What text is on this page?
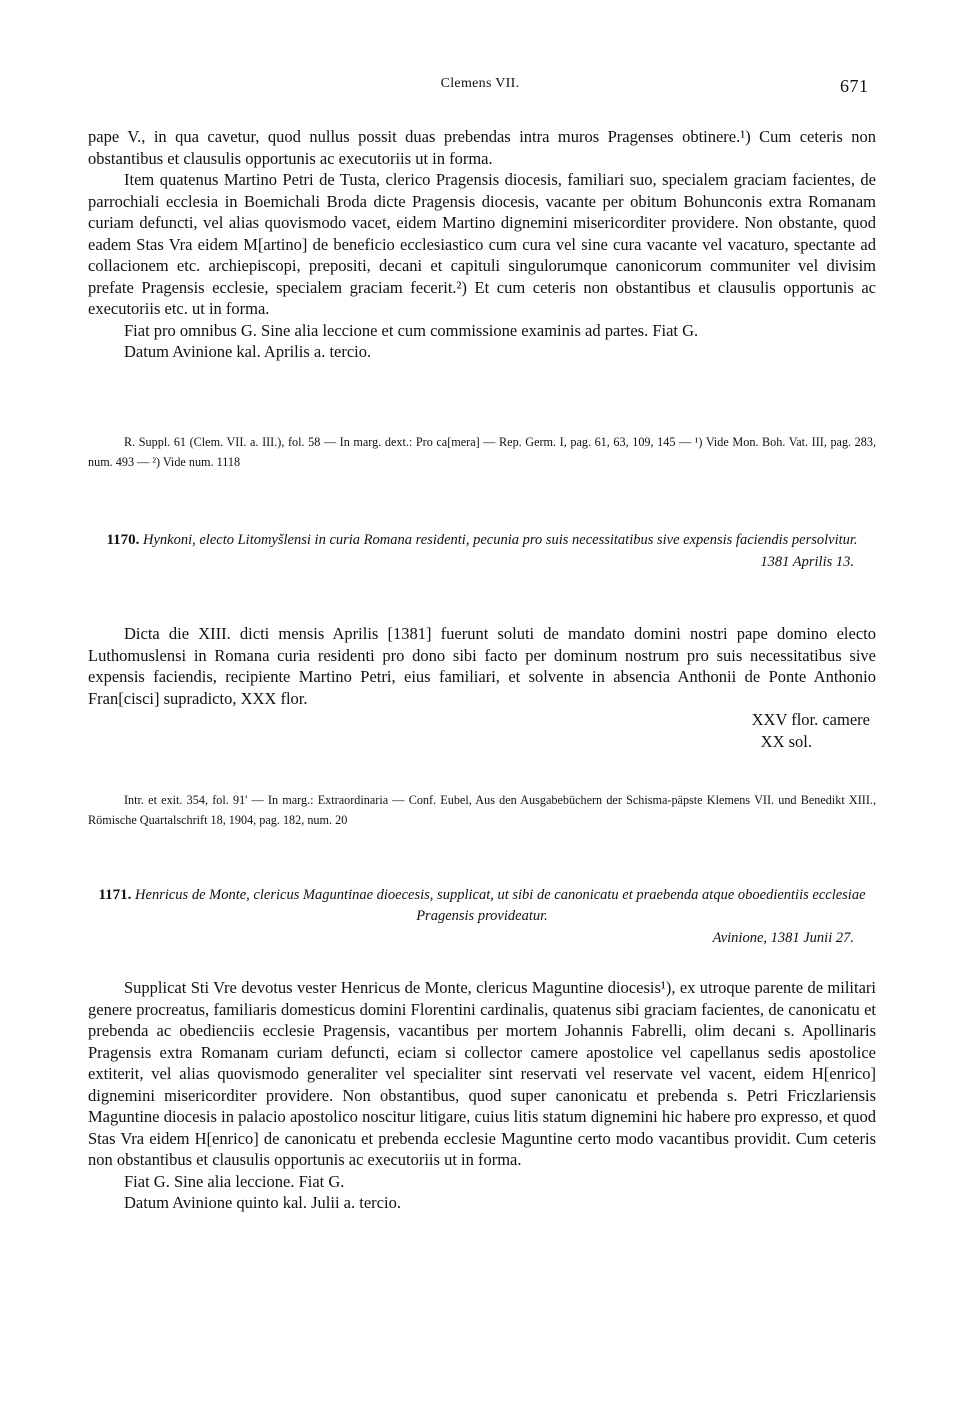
Clemens VII.	671

pape V., in qua cavetur, quod nullus possit duas prebendas intra muros Pragenses obtinere.¹) Cum ceteris non obstantibus et clausulis opportunis ac executoriis ut in forma.

Item quatenus Martino Petri de Tusta, clerico Pragensis diocesis, familiari suo, specialem graciam facientes, de parrochiali ecclesia in Boemichali Broda dicte Pragensis diocesis, vacante per obitum Bohunconis extra Romanam curiam defuncti, vel alias quovismodo vacet, eidem Martino dignemini misericorditer providere. Non obstante, quod eadem Stas Vra eidem M[artino] de beneficio ecclesiastico cum cura vel sine cura vacante vel vacaturo, spectante ad collacionem etc. archiepiscopi, prepositi, decani et capituli singulorumque canonicorum communiter vel divisim prefate Pragensis ecclesie, specialem graciam fecerit.²) Et cum ceteris non obstantibus et clausulis opportunis ac executoriis etc. ut in forma.

Fiat pro omnibus G. Sine alia leccione et cum commissione examinis ad partes. Fiat G.

Datum Avinione kal. Aprilis a. tercio.

R. Suppl. 61 (Clem. VII. a. III.), fol. 58 — In marg. dext.: Pro ca[mera] — Rep. Germ. I, pag. 61, 63, 109, 145 — ¹) Vide Mon. Boh. Vat. III, pag. 283, num. 493 — ²) Vide num. 1118

1170. Hynkoni, electo Litomyšlensi in curia Romana residenti, pecunia pro suis necessitatibus sive expensis faciendis persolvitur.

1381 Aprilis 13.

Dicta die XIII. dicti mensis Aprilis [1381] fuerunt soluti de mandato domini nostri pape domino electo Luthomuslensi in Romana curia residenti pro dono sibi facto per dominum nostrum pro suis necessitatibus sive expensis faciendis, recipiente Martino Petri, eius familiari, et solvente in absencia Anthonii de Ponte Anthonio Fran[cisci] supradicto, XXX flor.

XXV flor. camere

XX sol.

Intr. et exit. 354, fol. 91' — In marg.: Extraordinaria — Conf. Eubel, Aus den Ausgabebüchern der Schisma-päpste Klemens VII. und Benedikt XIII., Römische Quartalschrift 18, 1904, pag. 182, num. 20

1171. Henricus de Monte, clericus Maguntinae dioecesis, supplicat, ut sibi de canonicatu et praebenda atque oboedientiis ecclesiae Pragensis provideatur.

Avinione, 1381 Junii 27.

Supplicat Sti Vre devotus vester Henricus de Monte, clericus Maguntine diocesis¹), ex utroque parente de militari genere procreatus, familiaris domesticus domini Florentini cardinalis, quatenus sibi graciam facientes, de canonicatu et prebenda ac obedienciis ecclesie Pragensis, vacantibus per mortem Johannis Fabrelli, olim decani s. Apollinaris Pragensis extra Romanam curiam defuncti, eciam si collector camere apostolice vel capellanus sedis apostolice extiterit, vel alias quovismodo generaliter vel specialiter sint reservati vel reservate vel vacent, eidem H[enrico] dignemini misericorditer providere. Non obstantibus, quod super canonicatu et prebenda s. Petri Friczlariensis Maguntine diocesis in palacio apostolico noscitur litigare, cuius litis statum dignemini hic habere pro expresso, et quod Stas Vra eidem H[enrico] de canonicatu et prebenda ecclesie Maguntine certo modo vacantibus providit. Cum ceteris non obstantibus et clausulis opportunis ac executoriis ut in forma.

Fiat G. Sine alia leccione. Fiat G.

Datum Avinione quinto kal. Julii a. tercio.
